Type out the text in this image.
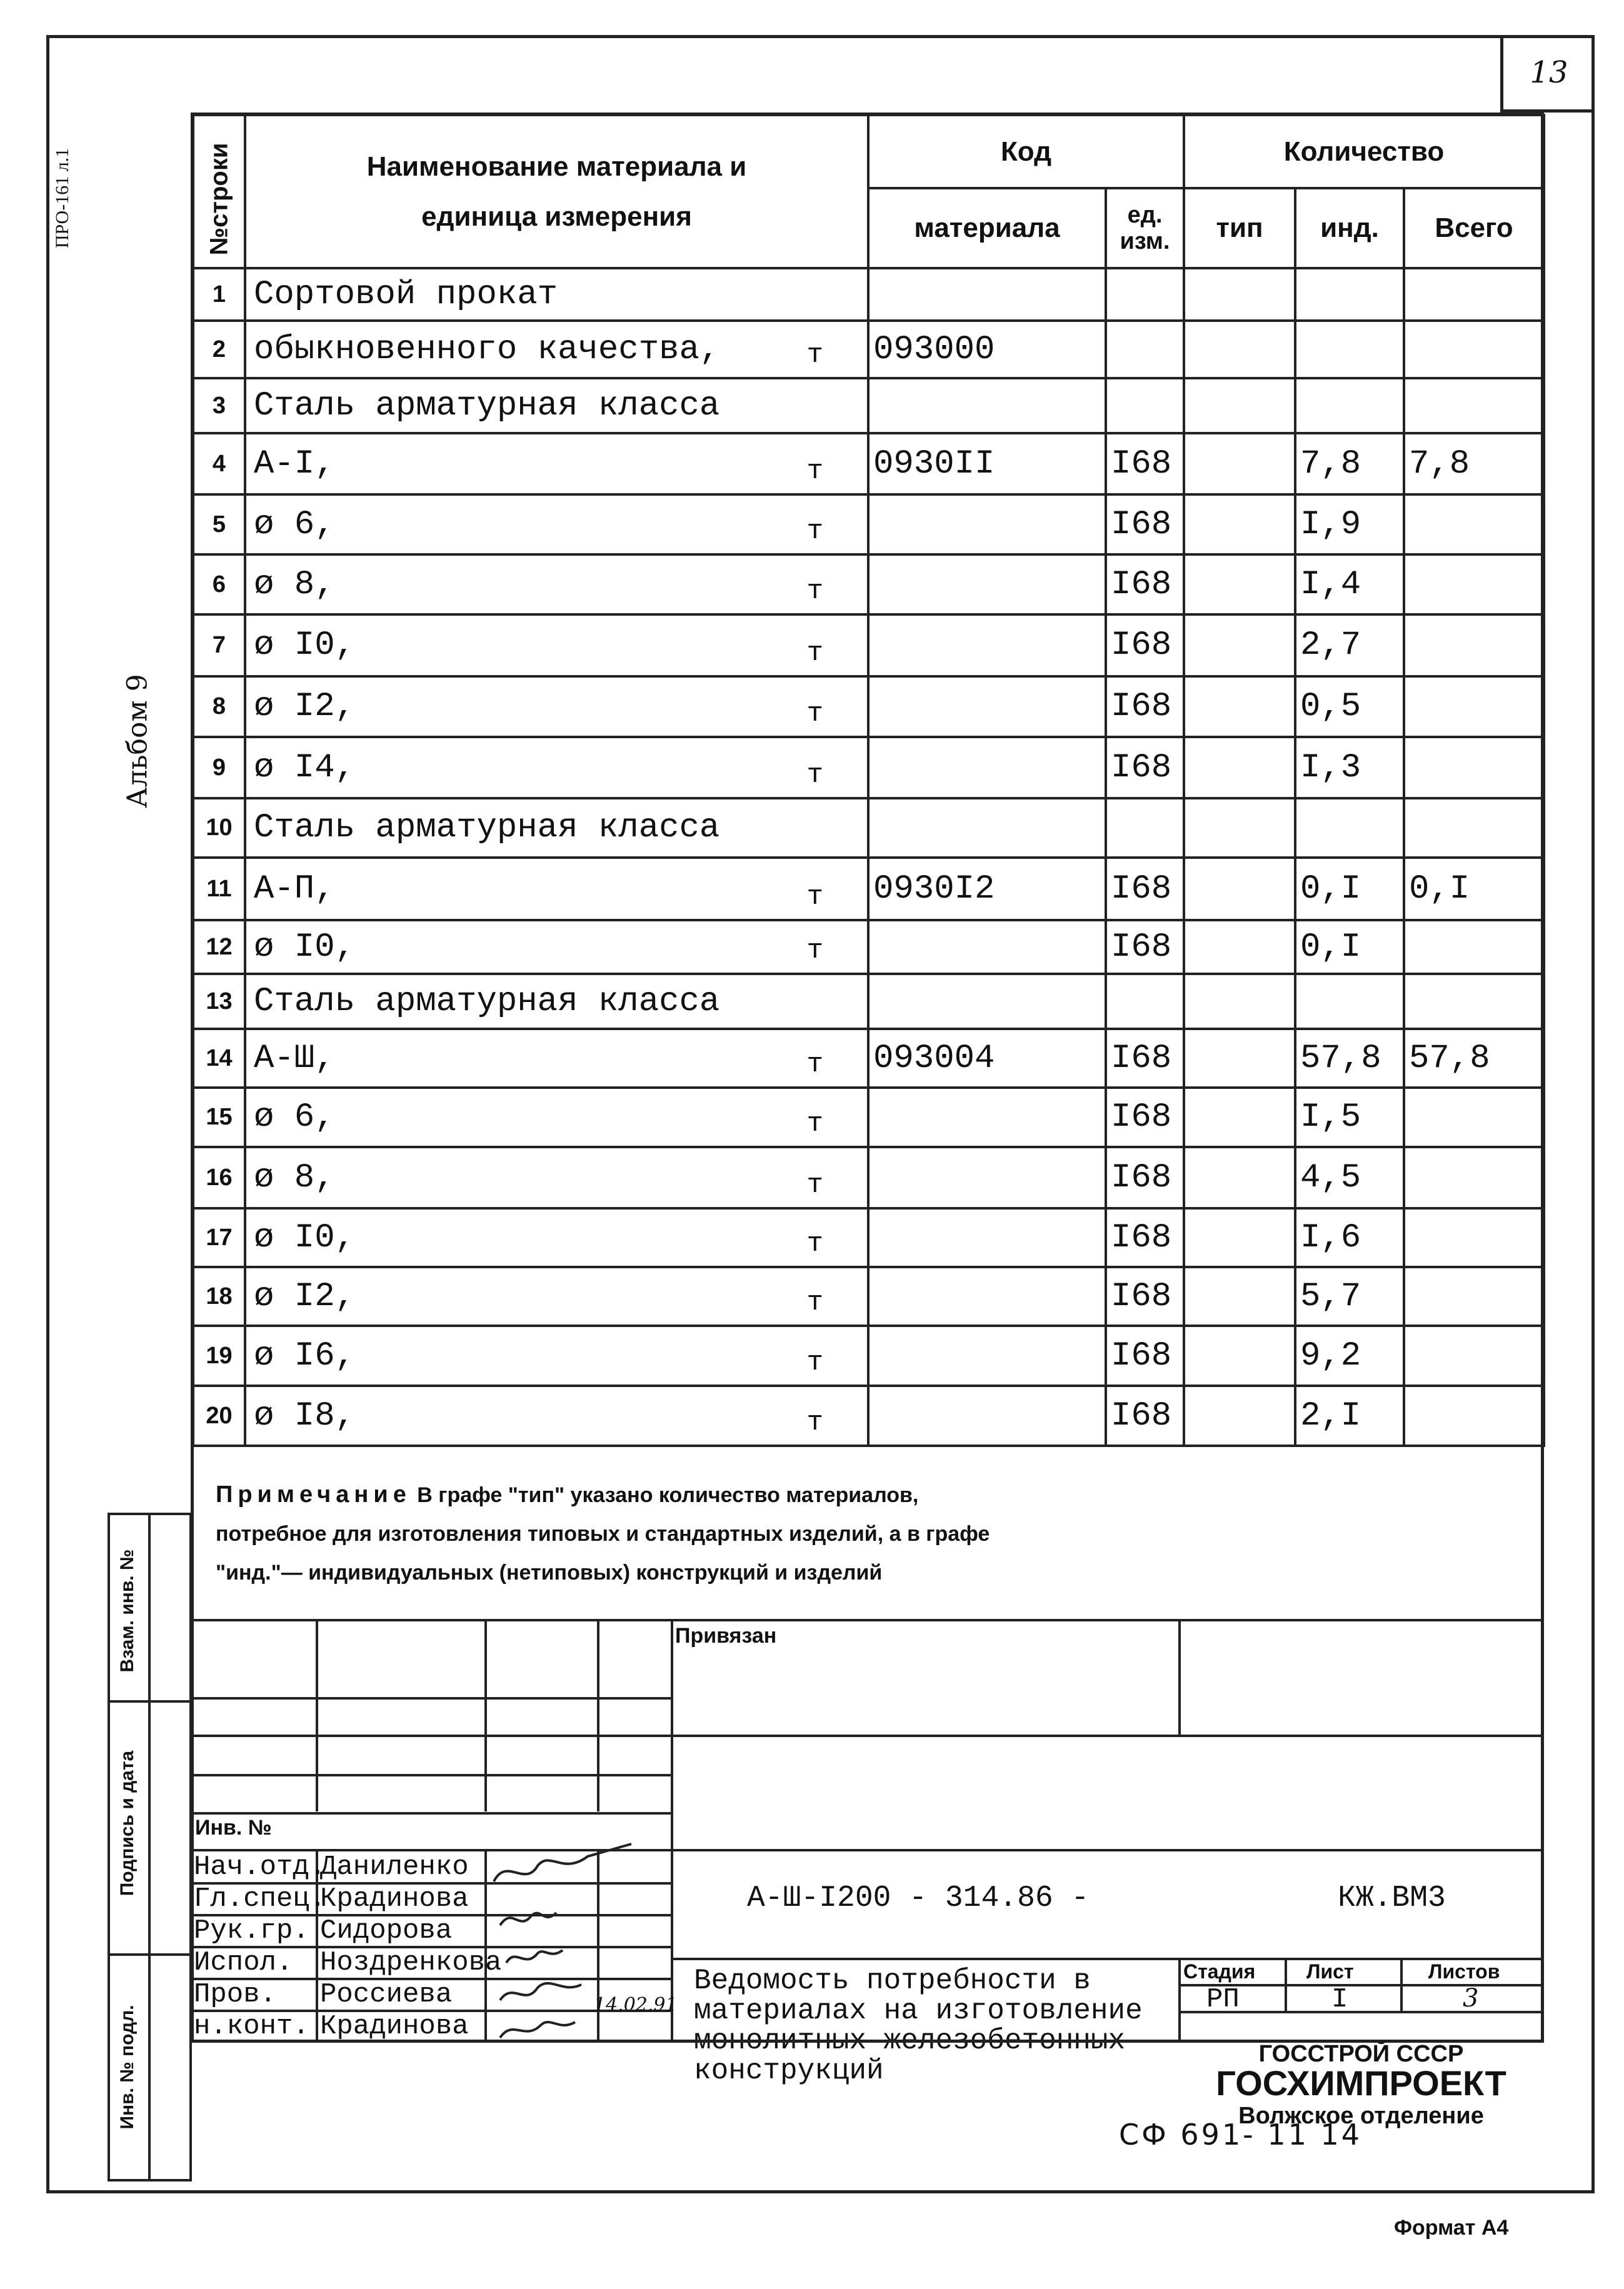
13
ПРО-161 л.1
Альбом 9
Взам. инв. №
Подпись и дата
Инв. № подл.
№строки	Наименование материала и единица измерения	Код		Количество		
		материала	ед. изм.	тип	инд.	Всего
1	Сортовой прокат

2	обыкновенного качества, т	093000				
3	Сталь арматурная класса

4	А-I, т	0930II	I68		7,8	7,8
5	ø 6, т		I68		I,9	
6	ø 8, т		I68		I,4	
7	ø I0, т		I68		2,7	
8	ø I2, т		I68		0,5	
9	ø I4, т		I68		I,3	
10	Сталь арматурная класса

11	А-П, т	0930I2	I68		0,I	0,I
12	ø I0, т		I68		0,I	
13	Сталь арматурная класса

14	А-Ш, т	093004	I68		57,8	57,8
15	ø 6, т		I68		I,5	
16	ø 8, т		I68		4,5	
17	ø I0, т		I68		I,6	
18	ø I2, т		I68		5,7	
19	ø I6, т		I68		9,2	
20	ø I8, т		I68		2,I	
Примечание В графе "тип" указано количество материалов, потребное для изготовления типовых и стандартных изделий, а в графе "инд."— индивидуальных (нетиповых) конструкций и изделий
Привязан
Инв. №
А-Ш-I200 - 314.86 -	КЖ.ВМ3
Нач.отд.
Даниленко
Гл.спец.
Крадинова
Рук.гр. Сидорова
Испол. Ноздренкова
Пров. Россиева
н.конт. Крадинова
14.02.91
Ведомость потребности в материалах на изготовление монолитных железобетонных конструкций
Стадия	Лист	Листов
РП	I	3
ГОССТРОЙ СССР
ГОСХИМПРОЕКТ
Волжское отделение
СФ 691- 11 14
Формат А4
